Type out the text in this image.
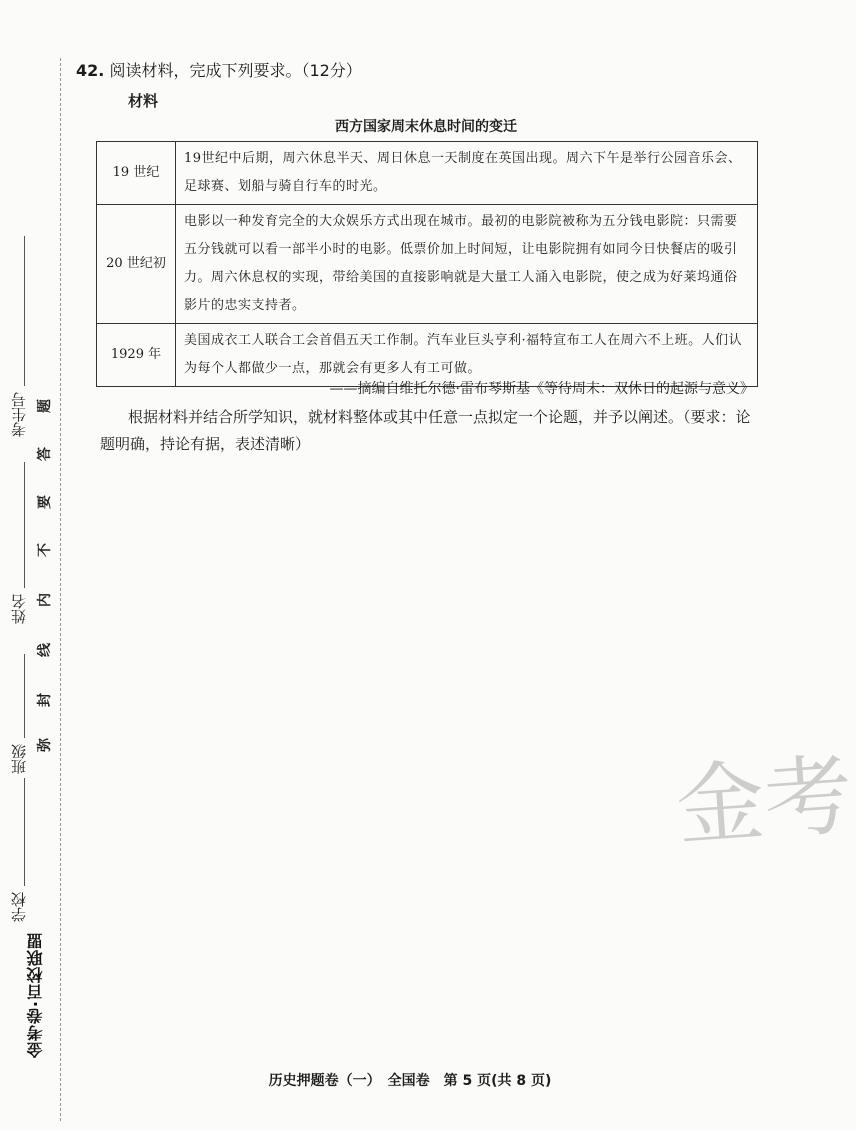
考生号
姓名
班级
学校
弥
封
线
内
不
要
答
题
金考卷·百校联盟
42. 阅读材料，完成下列要求。（12分）
材料
西方国家周末休息时间的变迁
19 世纪	19世纪中后期，周六休息半天、周日休息一天制度在英国出现。周六下午是举行公园音乐会、足球赛、划船与骑自行车的时光。
20 世纪初	电影以一种发育完全的大众娱乐方式出现在城市。最初的电影院被称为五分钱电影院：只需要五分钱就可以看一部半小时的电影。低票价加上时间短，让电影院拥有如同今日快餐店的吸引力。周六休息权的实现，带给美国的直接影响就是大量工人涌入电影院，使之成为好莱坞通俗影片的忠实支持者。
1929 年	美国成衣工人联合工会首倡五天工作制。汽车业巨头亨利·福特宣布工人在周六不上班。人们认为每个人都做少一点，那就会有更多人有工可做。
——摘编自维托尔德·雷布琴斯基《等待周末：双休日的起源与意义》
根据材料并结合所学知识，就材料整体或其中任意一点拟定一个论题，并予以阐述。（要求：论题明确，持论有据，表述清晰）
金考
历史押题卷（一）　全国卷　第 5 页(共 8 页)
